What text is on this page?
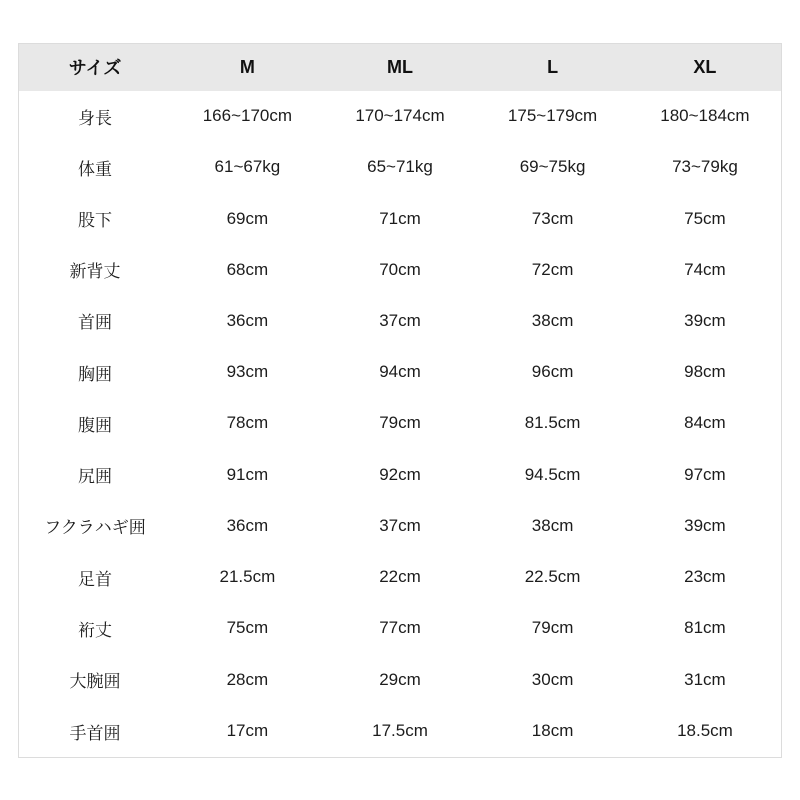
サイズ	M	ML	L	XL
身長	166~170cm	170~174cm	175~179cm	180~184cm
体重	61~67kg	65~71kg	69~75kg	73~79kg
股下	69cm	71cm	73cm	75cm
新背丈	68cm	70cm	72cm	74cm
首囲	36cm	37cm	38cm	39cm
胸囲	93cm	94cm	96cm	98cm
腹囲	78cm	79cm	81.5cm	84cm
尻囲	91cm	92cm	94.5cm	97cm
フクラハギ囲	36cm	37cm	38cm	39cm
足首	21.5cm	22cm	22.5cm	23cm
裄丈	75cm	77cm	79cm	81cm
大腕囲	28cm	29cm	30cm	31cm
手首囲	17cm	17.5cm	18cm	18.5cm
